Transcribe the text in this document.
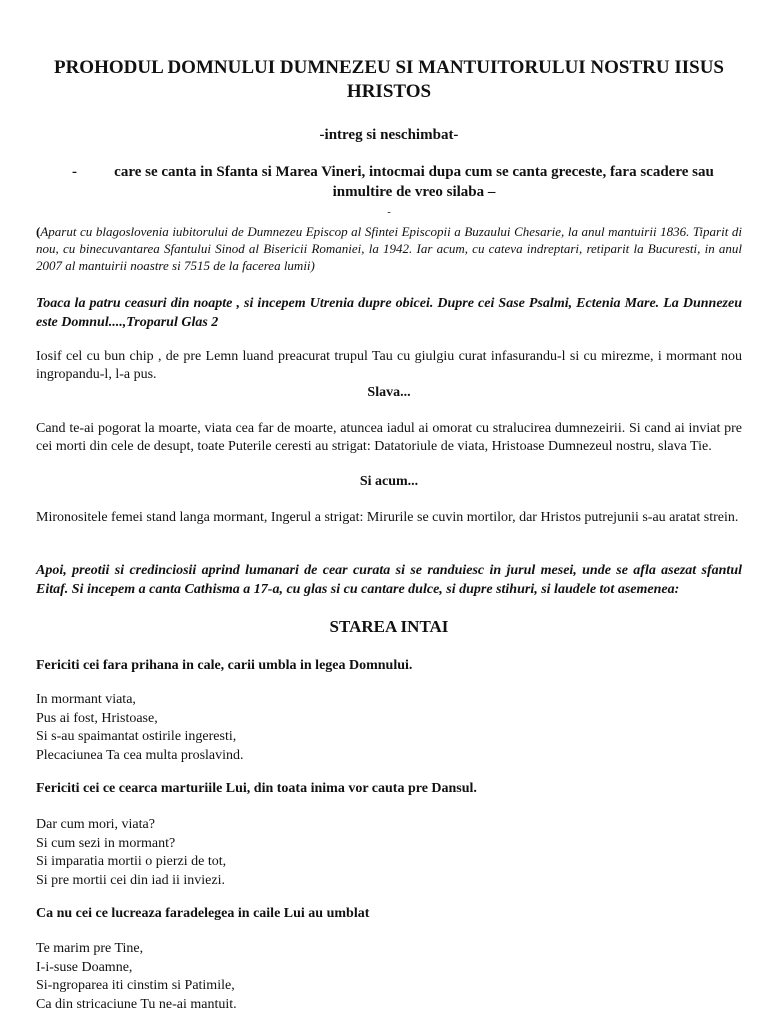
PROHODUL DOMNULUI DUMNEZEU SI MANTUITORULUI NOSTRU IISUS HRISTOS
-intreg si neschimbat-
-	care se canta in Sfanta si Marea Vineri, intocmai dupa cum se canta greceste, fara scadere sau inmultire de vreo silaba –
-
(Aparut cu blagoslovenia iubitorului de Dumnezeu Episcop al Sfintei Episcopii a Buzaului Chesarie, la anul mantuirii 1836. Tiparit di nou, cu binecuvantarea Sfantului Sinod al Bisericii Romaniei, la 1942. Iar acum, cu cateva indreptari, retiparit la Bucuresti, in anul 2007 al mantuirii noastre si 7515 de la facerea lumii)
Toaca la patru ceasuri din noapte , si incepem Utrenia dupre obicei. Dupre cei Sase Psalmi, Ectenia Mare. La Dunnezeu este Domnul....,Troparul Glas 2
Iosif cel cu bun chip , de pre Lemn luand preacurat trupul Tau cu giulgiu curat infasurandu-l si cu mirezme, i mormant nou ingropandu-l, l-a pus.
Slava...
Cand te-ai pogorat la moarte, viata cea far de moarte, atuncea iadul ai omorat cu stralucirea dumnezeirii. Si cand ai inviat pre cei morti din cele de desupt, toate Puterile ceresti au strigat: Datatoriule de viata, Hristoase Dumnezeul nostru, slava Tie.
Si acum...
Mironositele femei stand langa mormant, Ingerul a strigat: Mirurile se cuvin mortilor, dar Hristos putrejunii s-au aratat strein.
Apoi, preotii si credinciosii aprind lumanari de cear curata si se randuiesc in jurul mesei, unde se afla asezat sfantul Eitaf. Si incepem a canta Cathisma a 17-a, cu glas si cu cantare dulce, si dupre stihuri, si laudele tot asemenea:
STAREA INTAI
Fericiti cei fara prihana in cale, carii umbla in legea Domnului.
In mormant viata,
Pus ai fost, Hristoase,
Si s-au spaimantat ostirile ingeresti,
Plecaciunea Ta cea multa proslavind.
Fericiti cei ce cearca marturiile Lui, din toata inima vor cauta pre Dansul.
Dar cum mori, viata?
Si cum sezi in mormant?
Si imparatia mortii o pierzi de tot,
Si pre mortii cei din iad ii inviezi.
Ca nu cei ce lucreaza faradelegea in caile Lui au umblat
Te marim pre Tine,
I-i-suse Doamne,
Si-ngroparea iti cinstim si Patimile,
Ca din stricaciune Tu ne-ai mantuit.
